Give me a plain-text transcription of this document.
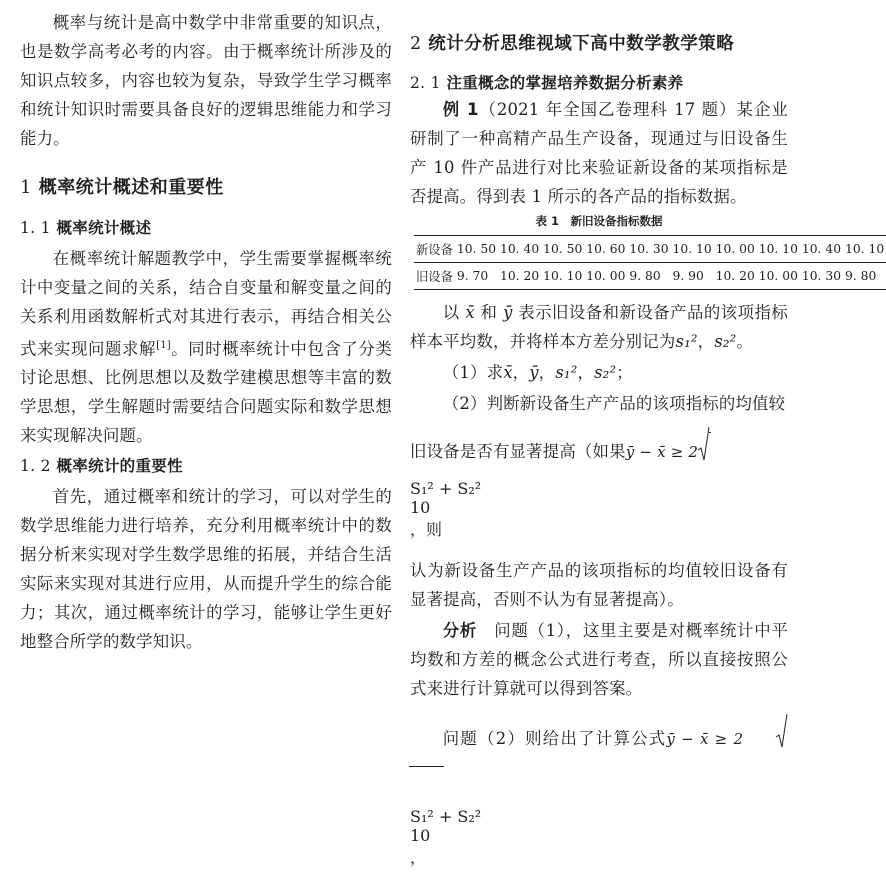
概率与统计是高中数学中非常重要的知识点，也是数学高考必考的内容。由于概率统计所涉及的知识点较多，内容也较为复杂，导致学生学习概率和统计知识时需要具备良好的逻辑思维能力和学习能力。

1 概率统计概述和重要性

1. 1 概率统计概述

在概率统计解题教学中，学生需要掌握概率统计中变量之间的关系，结合自变量和解变量之间的关系利用函数解析式对其进行表示，再结合相关公式来实现问题求解[1]。同时概率统计中包含了分类讨论思想、比例思想以及数学建模思想等丰富的数学思想，学生解题时需要结合问题实际和数学思想来实现解决问题。

1. 2 概率统计的重要性

首先，通过概率和统计的学习，可以对学生的数学思维能力进行培养，充分利用概率统计中的数据分析来实现对学生数学思维的拓展，并结合生活实际来实现对其进行应用，从而提升学生的综合能力；其次，通过概率统计的学习，能够让学生更好地整合所学的数学知识。

2 统计分析思维视域下高中数学教学策略

2. 1 注重概念的掌握培养数据分析素养

例 1（2021 年全国乙卷理科 17 题）某企业研制了一种高精产品生产设备，现通过与旧设备生产 10 件产品进行对比来验证新设备的某项指标是否提高。得到表 1 所示的各产品的指标数据。

表 1　新旧设备指标数据

新设备	10. 50	10. 40	10. 50	10. 60	10. 30	10. 10	10. 00	10. 10	10. 40	10. 10
旧设备	9. 70	10. 20	10. 10	10. 00	9. 80	9. 90	10. 20	10. 00	10. 30	9. 80

以 x̄ 和 ȳ 表示旧设备和新设备产品的该项指标样本平均数，并将样本方差分别记为s₁²，s₂²。

（1）求x̄，ȳ，s₁²，s₂²；

（2）判断新设备生产产品的该项指标的均值较

旧设备是否有显著提高（如果ȳ − x̄ ≥ 2

S₁² + S₂²
10
，则

认为新设备生产产品的该项指标的均值较旧设备有显著提高，否则不认为有显著提高）。

分析　 问题（1），这里主要是对概率统计中平均数和方差的概念公式进行考查，所以直接按照公式来进行计算就可以得到答案。

问题（2）则给出了计算公式ȳ − x̄ ≥ 2

S₁² + S₂²
10
，
